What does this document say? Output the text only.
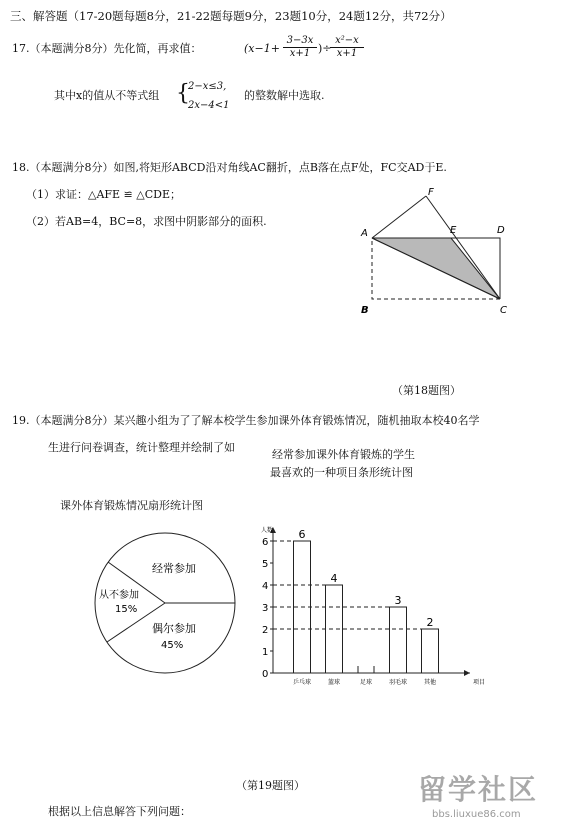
三、解答题（17-20题每题8分，21-22题每题9分，23题10分，24题12分，共72分）
17.（本题满分8分）先化简，再求值：	($x-1+ \frac{3-3x}{x+1}$ )÷
$\frac{\text{x²−x}}{x+1}$
其中x的值从不等式组 {
2−x≤3,
2x−4<1
的整数解中选取.
18.（本题满分8分）如图,将矩形ABCD沿对角线AC翻折，点B落在点F处，FC交AD于E.
（1）求证：△AFE ≌ △CDE；
（2）若AB=4，BC=8，求图中阴影部分的面积.
F
A	E	D
B	C
（第18题图）
19.（本题满分8分）某兴趣小组为了了解本校学生参加课外体育锻炼情况，随机抽取本校40名学
生进行问卷调查，统计整理并绘制了如
经常参加课外体育锻炼的学生
最喜欢的一种项目条形统计图
课外体育锻炼情况扇形统计图
经常参加
从不参加
15%
偶尔参加
45%
人数
项目
0
1
2
3
4
5
6
6
乒乓球
4
篮球	足球
3
羽毛球
2
其他
（第19题图）
根据以上信息解答下列问题：
留学社区
bbs.liuxue86.com
